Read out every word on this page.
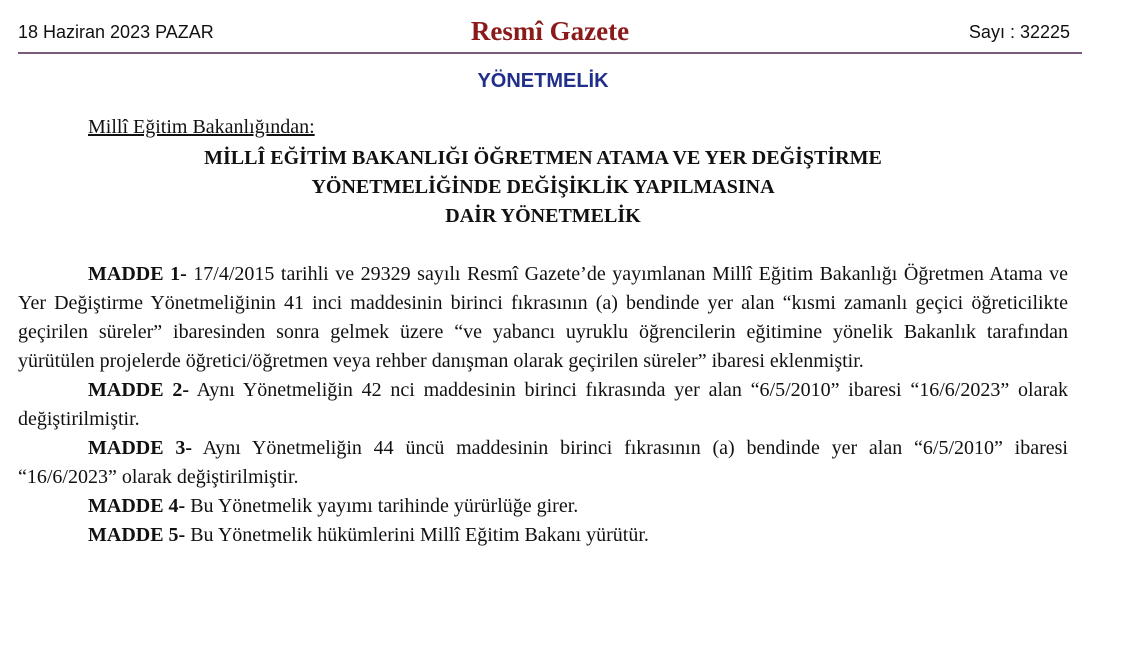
18 Haziran 2023 PAZAR	Resmî Gazete	Sayı : 32225
YÖNETMELİK
Millî Eğitim Bakanlığından:
MİLLÎ EĞİTİM BAKANLIĞI ÖĞRETMEN ATAMA VE YER DEĞİŞTİRME
YÖNETMELİĞİNDE DEĞİŞİKLİK YAPILMASINA
DAİR YÖNETMELİK

MADDE 1- 17/4/2015 tarihli ve 29329 sayılı Resmî Gazete’de yayımlanan Millî Eğitim Bakanlığı Öğretmen Atama ve Yer Değiştirme Yönetmeliğinin 41 inci maddesinin birinci fıkrasının (a) bendinde yer alan “kısmi zamanlı geçici öğreticilikte geçirilen süreler” ibaresinden sonra gelmek üzere “ve yabancı uyruklu öğrencilerin eğitimine yönelik Bakanlık tarafından yürütülen projelerde öğretici/öğretmen veya rehber danışman olarak geçirilen süreler” ibaresi eklenmiştir.

MADDE 2- Aynı Yönetmeliğin 42 nci maddesinin birinci fıkrasında yer alan “6/5/2010” ibaresi “16/6/2023” olarak değiştirilmiştir.

MADDE 3- Aynı Yönetmeliğin 44 üncü maddesinin birinci fıkrasının (a) bendinde yer alan “6/5/2010” ibaresi “16/6/2023” olarak değiştirilmiştir.

MADDE 4- Bu Yönetmelik yayımı tarihinde yürürlüğe girer.

MADDE 5- Bu Yönetmelik hükümlerini Millî Eğitim Bakanı yürütür.
